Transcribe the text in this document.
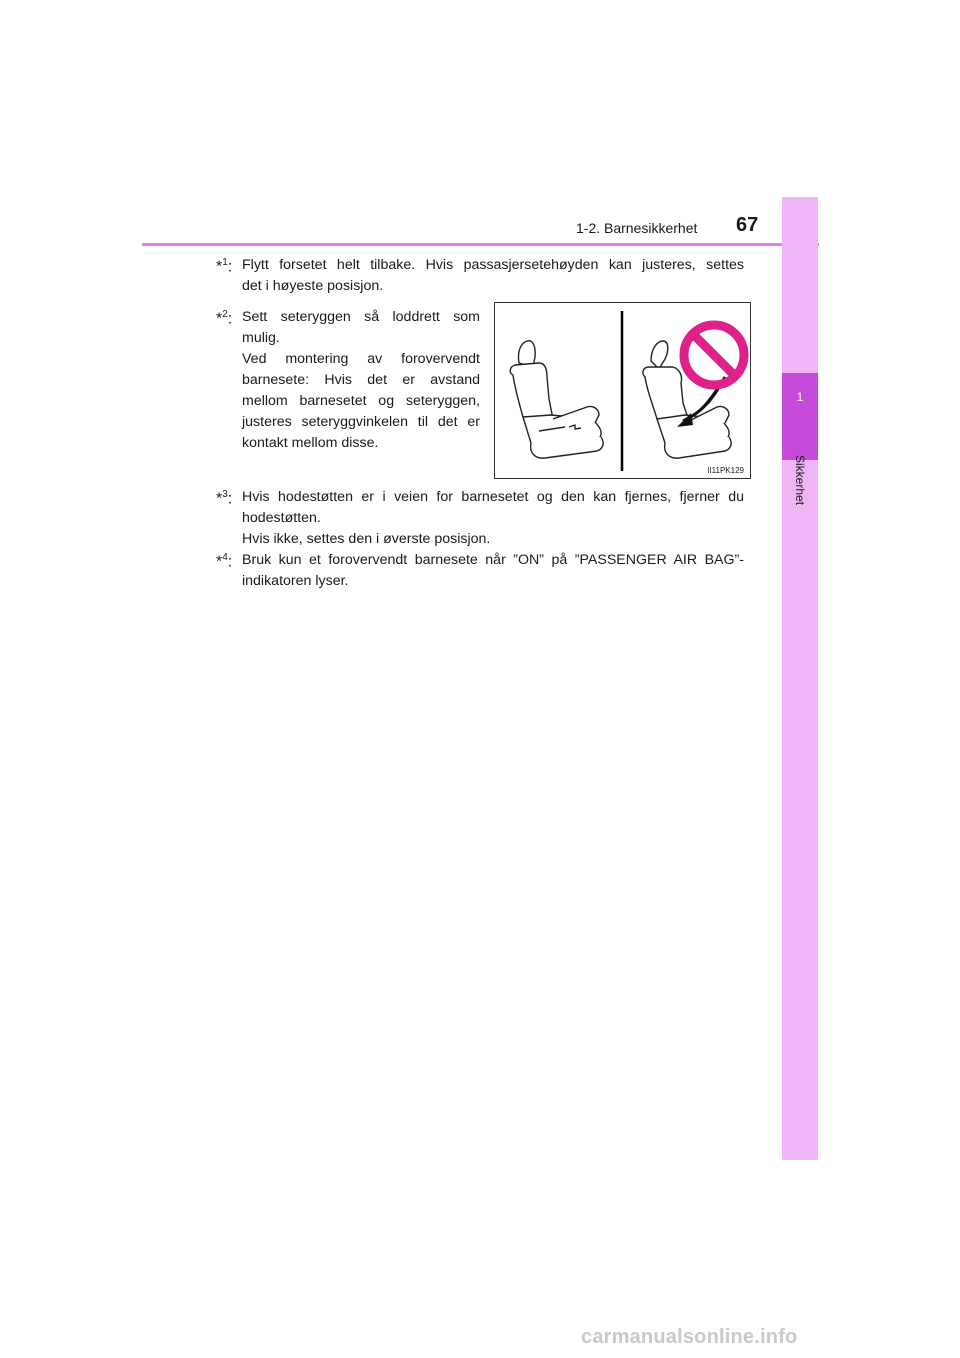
1-2. Barnesikkerhet 67
1
Sikkerhet
*$^1$: Flytt forsetet helt tilbake. Hvis passasjersetehøyden kan justeres, settes
det i høyeste posisjon.
*$^2$: Sett seteryggen så loddrett som
mulig.
Ved montering av forovervendt
barnesete: Hvis det er avstand
mellom barnesetet og seteryggen,
justeres seteryggvinkelen til det er
kontakt mellom disse.
II11PK129
*$^3$: Hvis hodestøtten er i veien for barnesetet og den kan fjernes, fjerner du
hodestøtten.
Hvis ikke, settes den i øverste posisjon.
*$^4$: Bruk kun et forovervendt barnesete når ”ON” på ”PASSENGER AIR BAG”-
indikatoren lyser.
carmanualsonline.info
